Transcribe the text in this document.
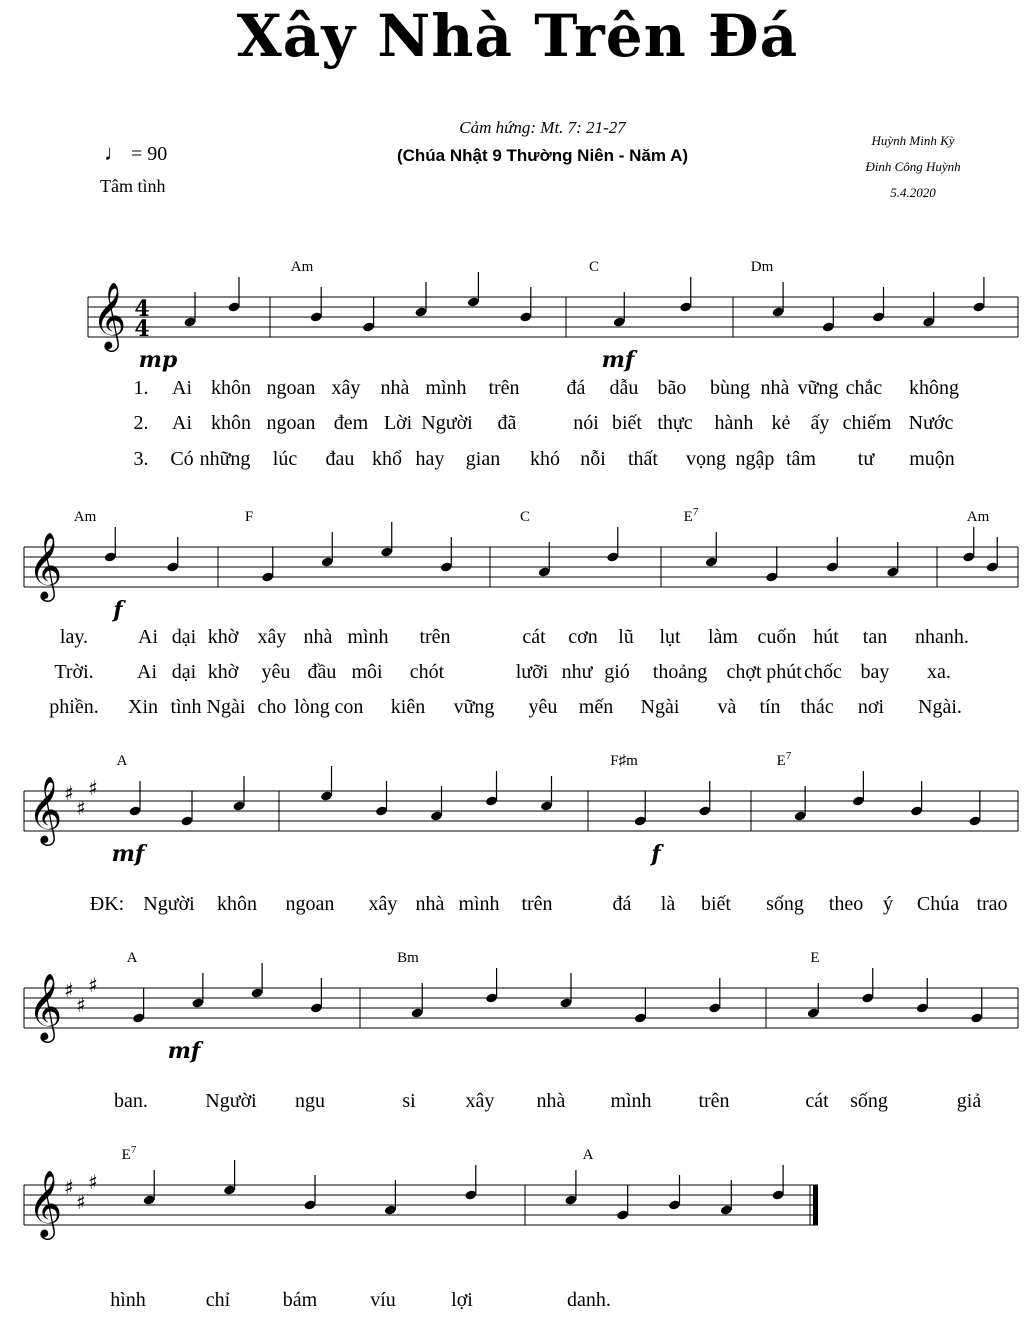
Xây Nhà Trên Đá
Cảm hứng: Mt. 7: 21-27
(Chúa Nhật 9 Thường Niên - Năm A)
♩ = 90
Tâm tình
Huỳnh Minh Kỳ
Đinh Công Huỳnh
5.4.2020
𝄞 4
4
Am	C	Dm
mp	mf
1. Ai khôn ngoan xây nhà mình trên đá dẫu bão bùng nhà vững chắc không
2. Ai khôn ngoan đem Lời Người đã	nói biết thực hành kẻ ấy chiếm Nước
3. Có những lúc đau khổ hay gian khó nỗi thất vọng ngập tâm tư muộn
𝄞
Am	F	C	$E^7$	Am
f
lay. Ai dại khờ xây nhà mình trên	cát cơn lũ lụt làm cuốn hút tan nhanh.
Trời. Ai dại khờ yêu đầu môi chót	lưỡi như gió thoảng chợt phút chốc bay xa.
phiền. Xin tình Ngài cho lòng con kiên vững yêu mến Ngài và tín thác nơi Ngài.
𝄞 ♯
♯
♯
A	F♯m	$E^7$
mf	f
ĐK: Người khôn ngoan xây nhà mình trên	đá là biết sống theo ý Chúa trao
𝄞 ♯
♯
♯
A	Bm	E
mf
ban.	Người ngu	si xây nhà mình trên	cát sống	giả
𝄞 ♯
♯
♯
$E^7$	A
hình	chỉ	bám	víu	lợi	danh.
